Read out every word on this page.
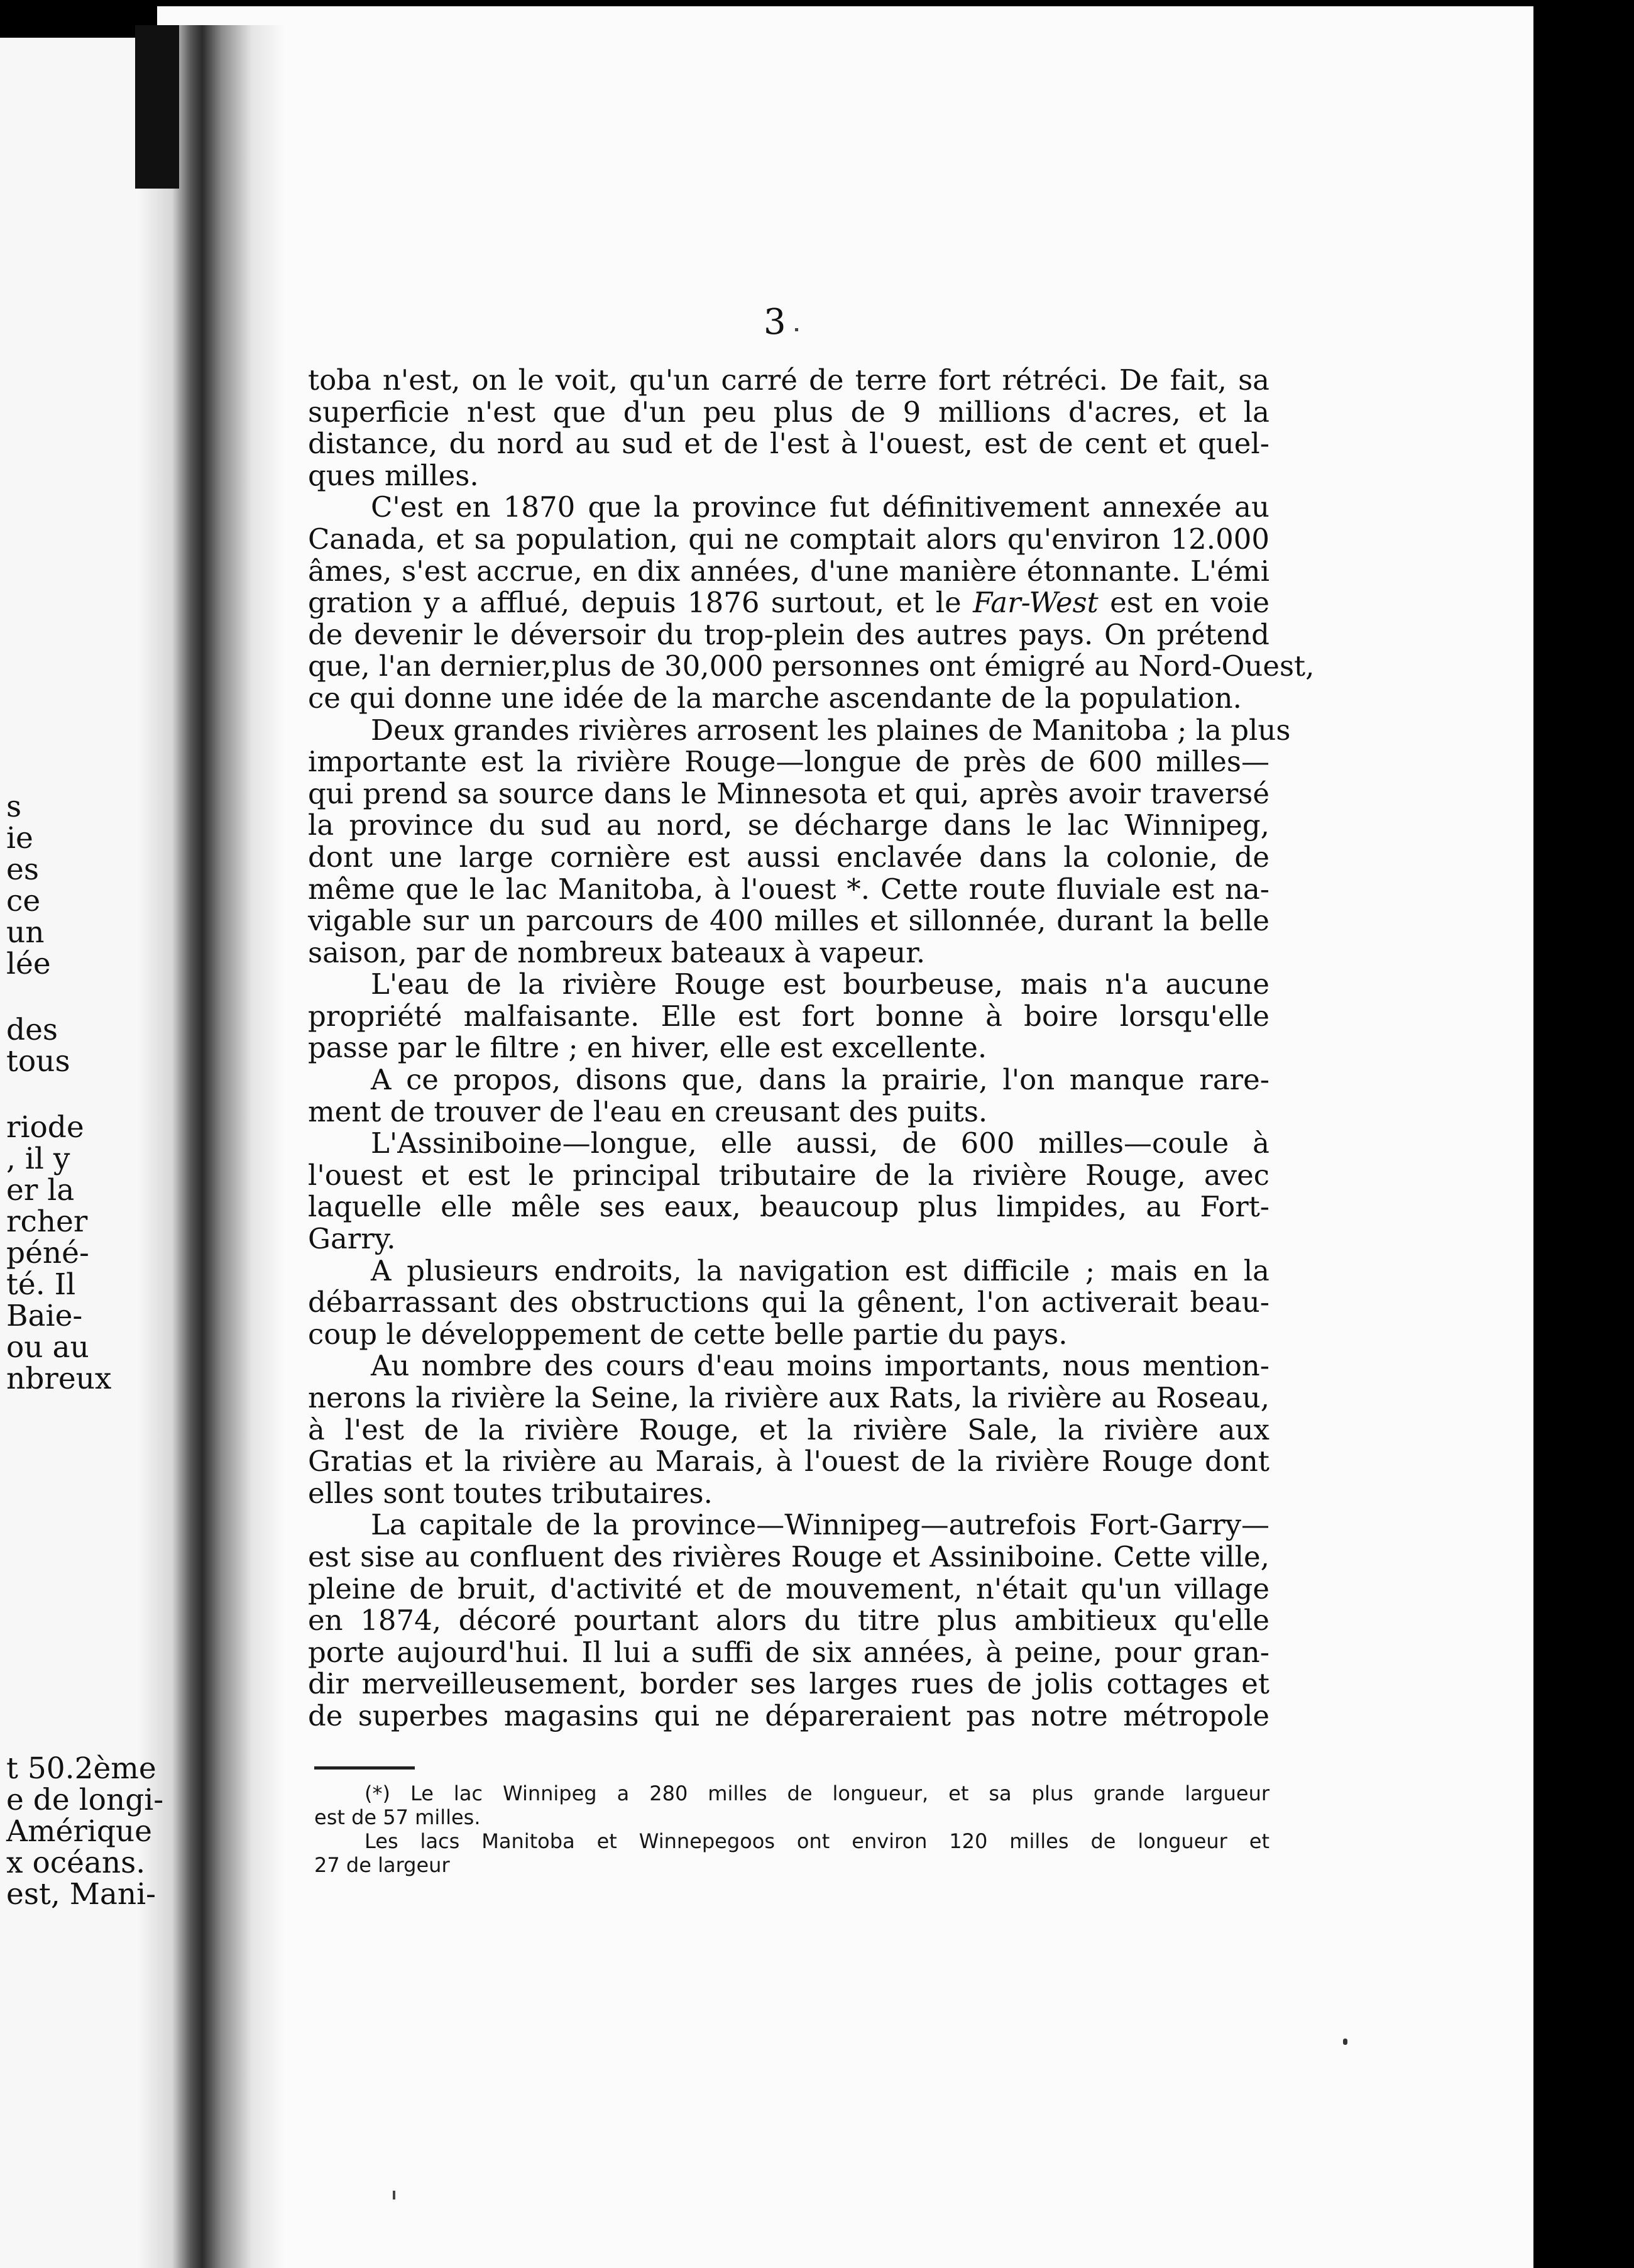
s
ie
es
ce
un
lée
des
tous
riode
, il y
er la
rcher
péné-
té. Il
Baie-
ou au
nbreux
t 50.2ème
e de longi-
Amérique
x océans.
est, Mani-
3
toba n'est, on le voit, qu'un carré de terre fort rétréci. De fait, sa
superficie n'est que d'un peu plus de 9 millions d'acres, et la
distance, du nord au sud et de l'est à l'ouest, est de cent et quel-
ques milles.
C'est en 1870 que la province fut définitivement annexée au
Canada, et sa population, qui ne comptait alors qu'environ 12.000
âmes, s'est accrue, en dix années, d'une manière étonnante. L'émi
gration y a afflué, depuis 1876 surtout, et le Far-West est en voie
de devenir le déversoir du trop-plein des autres pays. On prétend
que, l'an dernier,plus de 30,000 personnes ont émigré au Nord-Ouest,
ce qui donne une idée de la marche ascendante de la population.
Deux grandes rivières arrosent les plaines de Manitoba ; la plus
importante est la rivière Rouge—longue de près de 600 milles—
qui prend sa source dans le Minnesota et qui, après avoir traversé
la province du sud au nord, se décharge dans le lac Winnipeg,
dont une large cornière est aussi enclavée dans la colonie, de
même que le lac Manitoba, à l'ouest *. Cette route fluviale est na-
vigable sur un parcours de 400 milles et sillonnée, durant la belle
saison, par de nombreux bateaux à vapeur.
L'eau de la rivière Rouge est bourbeuse, mais n'a aucune
propriété malfaisante. Elle est fort bonne à boire lorsqu'elle
passe par le filtre ; en hiver, elle est excellente.
A ce propos, disons que, dans la prairie, l'on manque rare-
ment de trouver de l'eau en creusant des puits.
L'Assiniboine—longue, elle aussi, de 600 milles—coule à
l'ouest et est le principal tributaire de la rivière Rouge, avec
laquelle elle mêle ses eaux, beaucoup plus limpides, au Fort-
Garry.
A plusieurs endroits, la navigation est difficile ; mais en la
débarrassant des obstructions qui la gênent, l'on activerait beau-
coup le développement de cette belle partie du pays.
Au nombre des cours d'eau moins importants, nous mention-
nerons la rivière la Seine, la rivière aux Rats, la rivière au Roseau,
à l'est de la rivière Rouge, et la rivière Sale, la rivière aux
Gratias et la rivière au Marais, à l'ouest de la rivière Rouge dont
elles sont toutes tributaires.
La capitale de la province—Winnipeg—autrefois Fort-Garry—
est sise au confluent des rivières Rouge et Assiniboine. Cette ville,
pleine de bruit, d'activité et de mouvement, n'était qu'un village
en 1874, décoré pourtant alors du titre plus ambitieux qu'elle
porte aujourd'hui. Il lui a suffi de six années, à peine, pour gran-
dir merveilleusement, border ses larges rues de jolis cottages et
de superbes magasins qui ne dépareraient pas notre métropole
(*) Le lac Winnipeg a 280 milles de longueur, et sa plus grande largueur
est de 57 milles.
Les lacs Manitoba et Winnepegoos ont environ 120 milles de longueur et
27 de largeur
